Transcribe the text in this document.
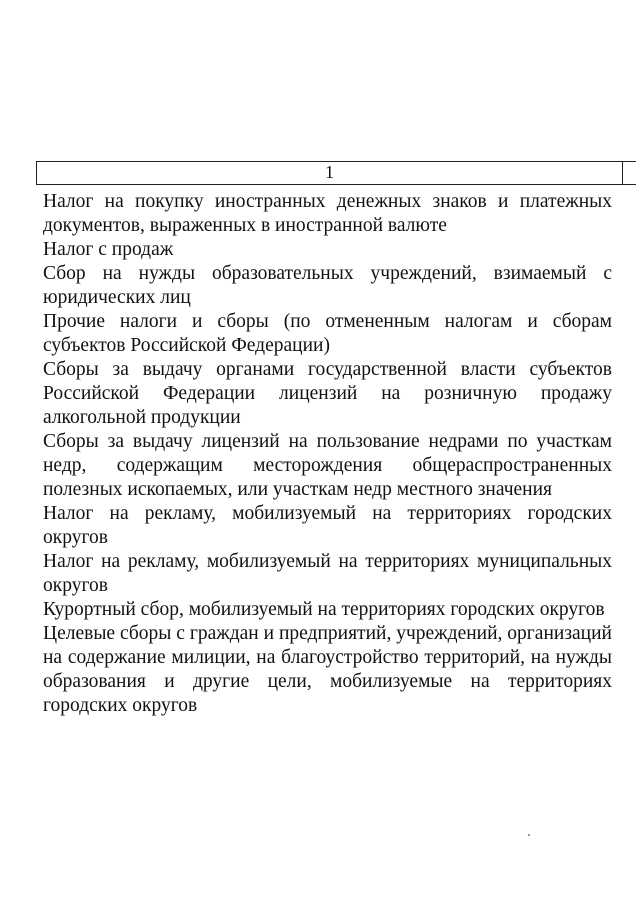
1

Налог на покупку иностранных денежных знаков и платежных документов, выраженных в иностранной валюте

Налог с продаж

Сбор на нужды образовательных учреждений, взимаемый с юридических лиц

Прочие налоги и сборы (по отмененным налогам и сборам субъектов Российской Федерации)

Сборы за выдачу органами государственной власти субъектов Российской Федерации лицензий на розничную продажу алкогольной продукции

Сборы за выдачу лицензий на пользование недрами по участкам недр, содержащим месторождения общераспространенных полезных ископаемых, или участкам недр местного значения

Налог на рекламу, мобилизуемый на территориях городских округов

Налог на рекламу, мобилизуемый на территориях муниципальных округов

Курортный сбор, мобилизуемый на территориях городских округов

Целевые сборы с граждан и предприятий, учреждений, организаций на содержание милиции, на благоустройство территорий, на нужды образования и другие цели, мобилизуемые на территориях городских округов
